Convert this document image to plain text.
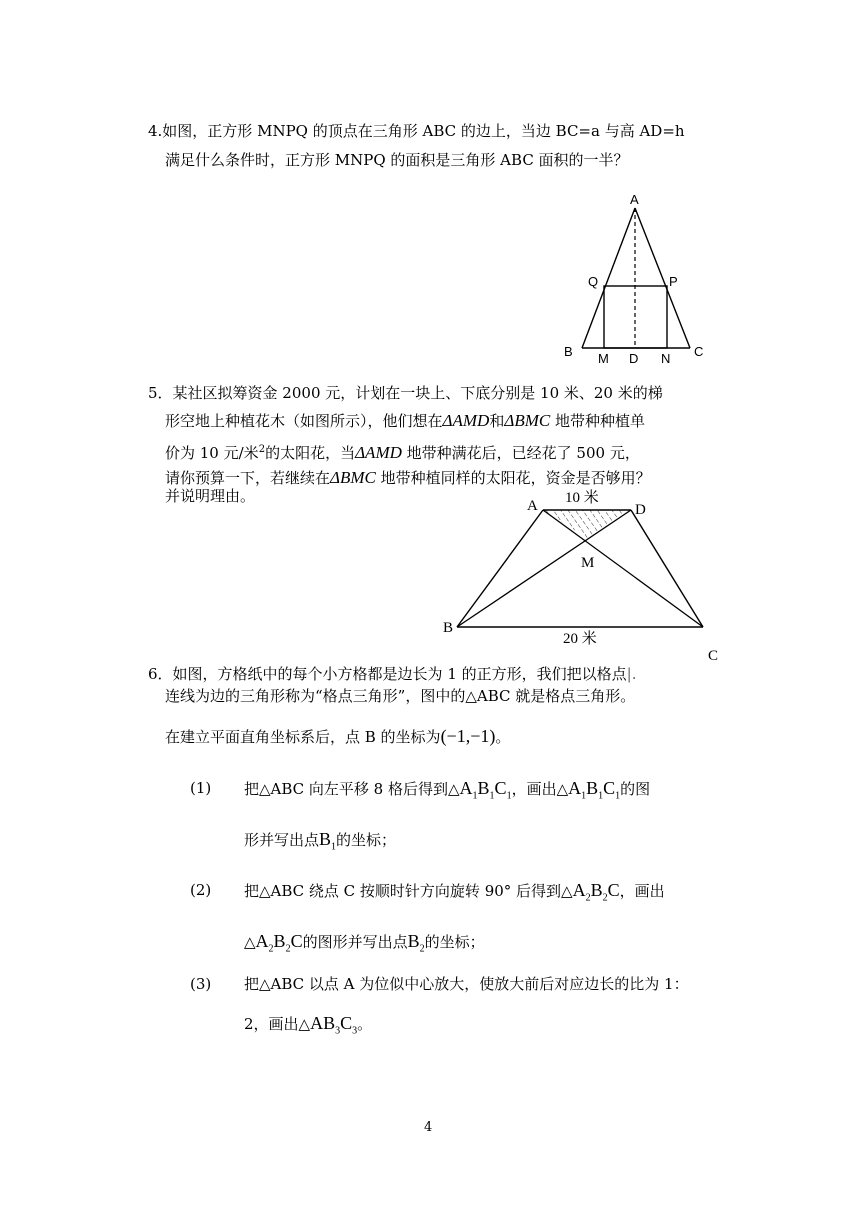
4.如图，正方形 MNPQ 的顶点在三角形 ABC 的边上，当边 BC=a 与高 AD=h
满足什么条件时，正方形 MNPQ 的面积是三角形 ABC 面积的一半？
A
Q	P
B M D N C
5．某社区拟筹资金 2000 元，计划在一块上、下底分别是 10 米、20 米的梯
形空地上种植花木（如图所示），他们想在ΔAMD和ΔBMC 地带种种植单
价为 10 元/米$^2$的太阳花，当ΔAMD 地带种满花后，已经花了 500 元，
请你预算一下，若继续在ΔBMC 地带种植同样的太阳花，资金是否够用？
并说明理由。
A	D
10 米
M
B
20 米
C
6．如图，方格纸中的每个小方格都是边长为 1 的正方形，我们把以格点|.
连线为边的三角形称为“格点三角形”，图中的△ABC 就是格点三角形。
在建立平面直角坐标系后，点 B 的坐标为(−1,−1)。
(1) 把△ABC 向左平移 8 格后得到$\triangle A_1B_1C_1$，画出$\triangle A_1B_1C_1$的图
形并写出点$B_1$的坐标；
(2) 把△ABC 绕点 C 按顺时针方向旋转 90° 后得到$\triangle A_2B_2C$，画出
$\triangle A_2B_2C$的图形并写出点$B_2$的坐标；
(3) 把△ABC 以点 A 为位似中心放大，使放大前后对应边长的比为 1：
2，画出$\triangle AB_3C_3$。
4
